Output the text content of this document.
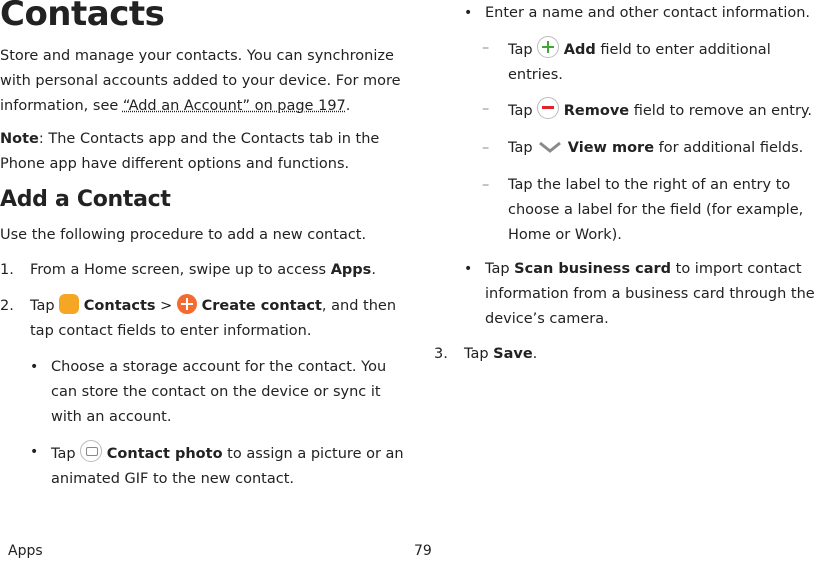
Contacts
Store and manage your contacts. You can synchronize
with personal accounts added to your device. For more
information, see “Add an Account” on page 197.
Note: The Contacts app and the Contacts tab in the
Phone app have different options and functions.
Add a Contact
Use the following procedure to add a new contact.
1. From a Home screen, swipe up to access Apps.
2. Tap  Contacts >  Create contact, and then
tap contact fields to enter information.
• Choose a storage account for the contact. You
can store the contact on the device or sync it
with an account.
• Tap  Contact photo to assign a picture or an
animated GIF to the new contact.
• Enter a name and other contact information.
– Tap  Add field to enter additional
entries.
–	Tap  Remove field to remove an entry.
–	Tap  View more for additional fields.
– Tap the label to the right of an entry to
choose a label for the field (for example,
Home or Work).
• Tap Scan business card to import contact
information from a business card through the
device’s camera.
3. Tap Save.
Apps	79
